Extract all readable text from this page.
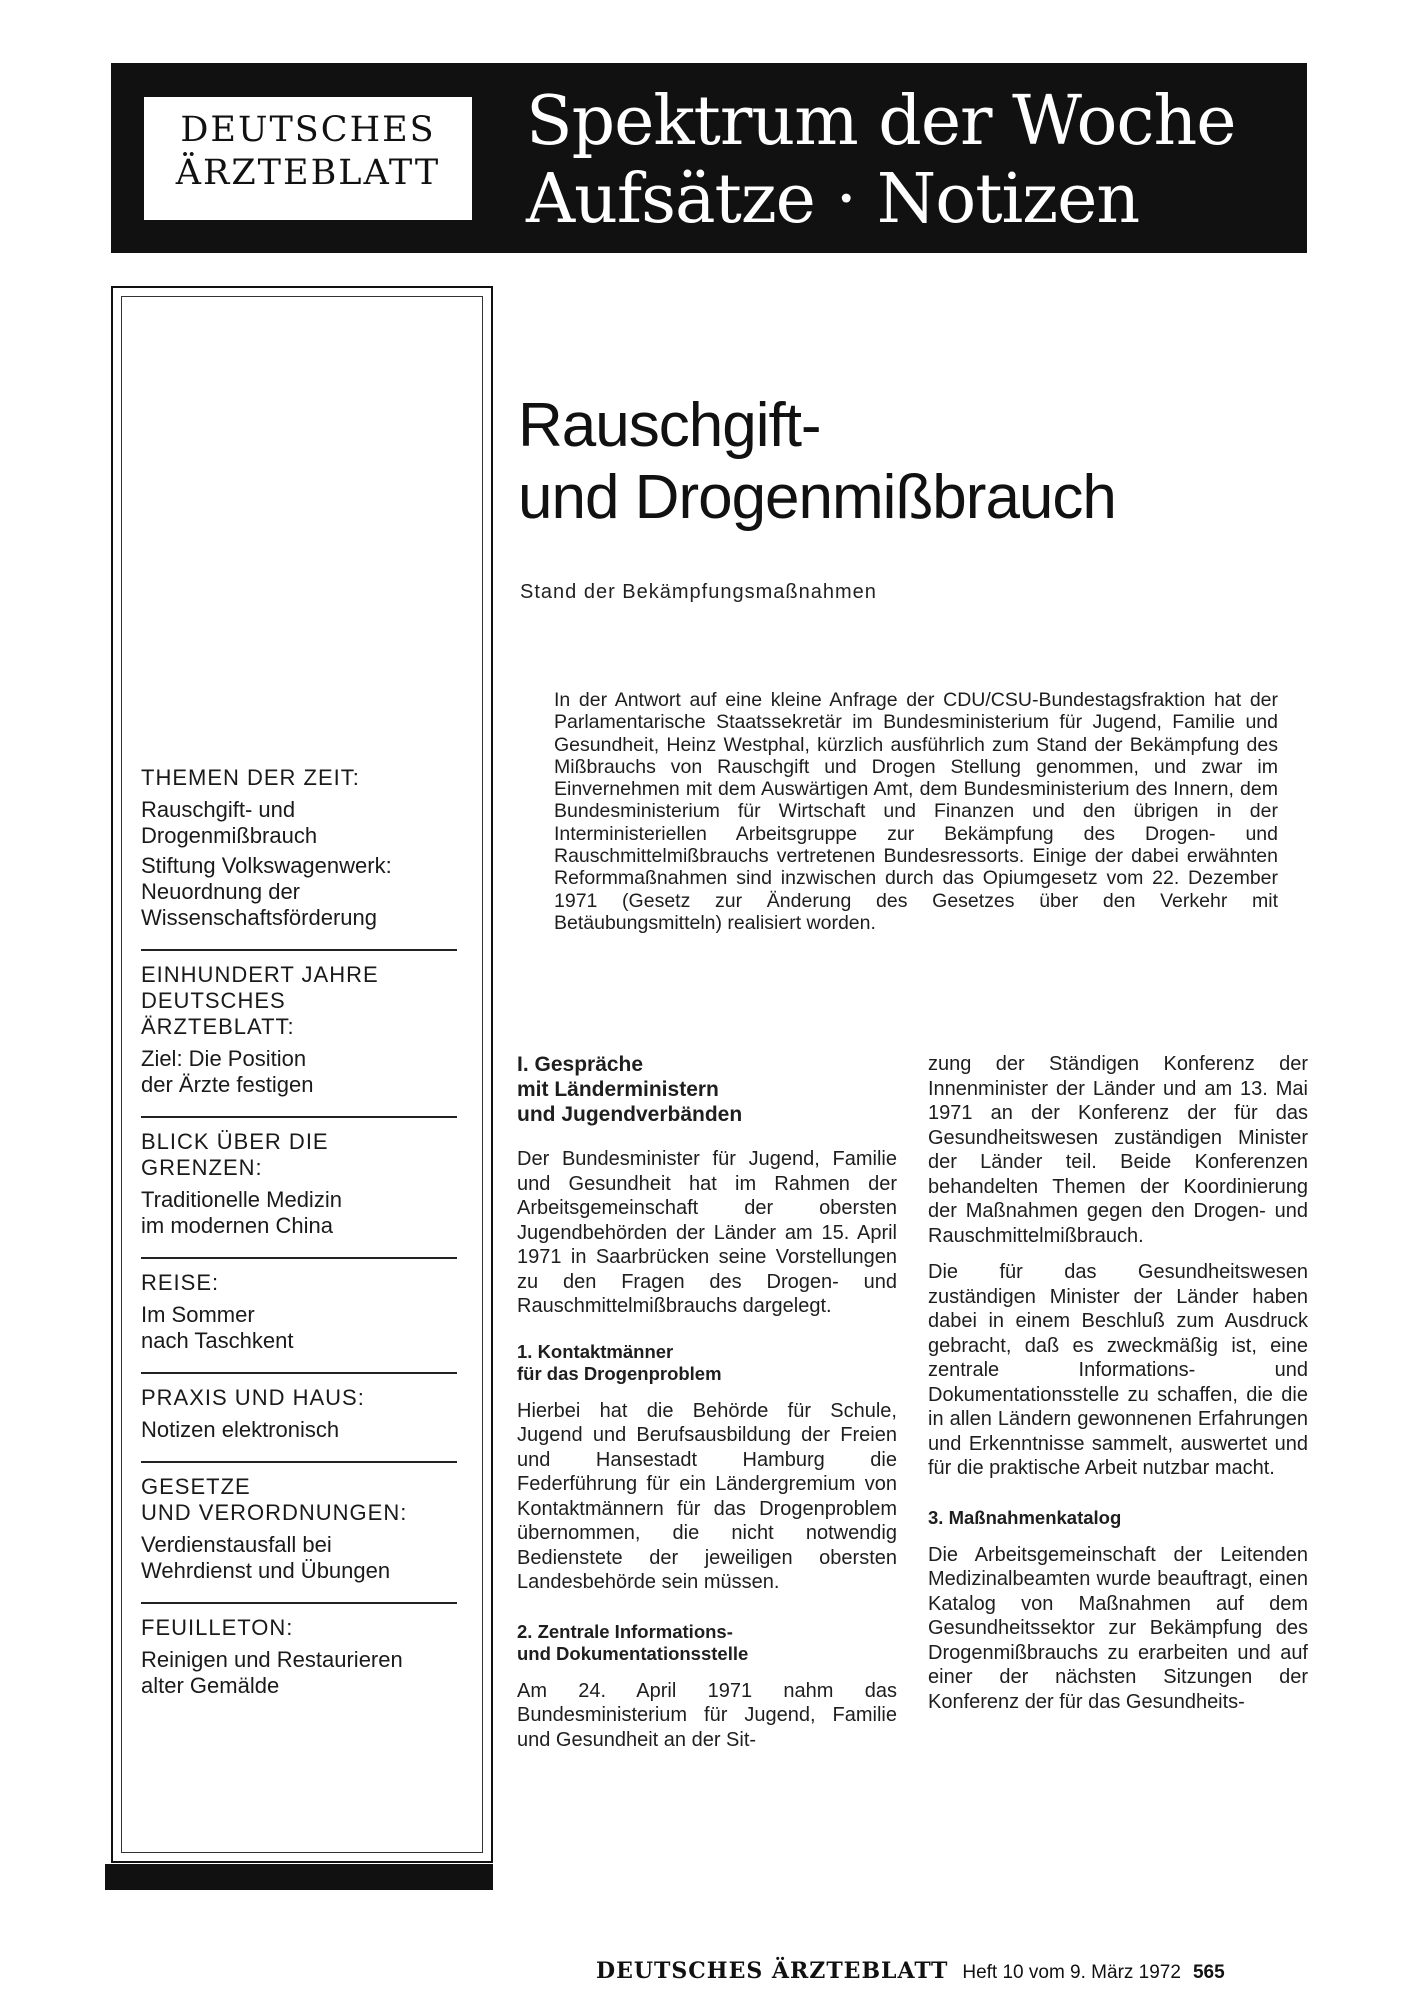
DEUTSCHES
ÄRZTEBLATT
Spektrum der Woche
Aufsätze · Notizen
THEMEN DER ZEIT:
Rauschgift- und
Drogenmißbrauch
Stiftung Volkswagenwerk:
Neuordnung der
Wissenschaftsförderung
EINHUNDERT JAHRE
DEUTSCHES
ÄRZTEBLATT:
Ziel: Die Position
der Ärzte festigen
BLICK ÜBER DIE
GRENZEN:
Traditionelle Medizin
im modernen China
REISE:
Im Sommer
nach Taschkent
PRAXIS UND HAUS:
Notizen elektronisch
GESETZE
UND VERORDNUNGEN:
Verdienstausfall bei
Wehrdienst und Übungen
FEUILLETON:
Reinigen und Restaurieren
alter Gemälde
Rauschgift-
und Drogenmißbrauch
Stand der Bekämpfungsmaßnahmen
In der Antwort auf eine kleine Anfrage der CDU/CSU-Bundestagsfraktion hat der Parlamentarische Staatssekretär im Bundesministerium für Jugend, Familie und Gesundheit, Heinz Westphal, kürzlich ausführlich zum Stand der Bekämpfung des Mißbrauchs von Rauschgift und Drogen Stellung genommen, und zwar im Einvernehmen mit dem Auswärtigen Amt, dem Bundesministerium des Innern, dem Bundesministerium für Wirtschaft und Finanzen und den übrigen in der Interministeriellen Arbeitsgruppe zur Bekämpfung des Drogen- und Rauschmittelmißbrauchs vertretenen Bundesressorts. Einige der dabei erwähnten Reformmaßnahmen sind inzwischen durch das Opiumgesetz vom 22. Dezember 1971 (Gesetz zur Änderung des Gesetzes über den Verkehr mit Betäubungsmitteln) realisiert worden.
I. Gespräche
mit Länderministern
und Jugendverbänden

Der Bundesminister für Jugend, Familie und Gesundheit hat im Rahmen der Arbeitsgemeinschaft der obersten Jugendbehörden der Länder am 15. April 1971 in Saarbrücken seine Vorstellungen zu den Fragen des Drogen- und Rauschmittelmißbrauchs dargelegt.

1. Kontaktmänner
für das Drogenproblem

Hierbei hat die Behörde für Schule, Jugend und Berufsausbildung der Freien und Hansestadt Hamburg die Federführung für ein Ländergremium von Kontaktmännern für das Drogenproblem übernommen, die nicht notwendig Bedienstete der jeweiligen obersten Landesbehörde sein müssen.

2. Zentrale Informations-
und Dokumentationsstelle

Am 24. April 1971 nahm das Bundesministerium für Jugend, Familie und Gesundheit an der Sit-

zung der Ständigen Konferenz der Innenminister der Länder und am 13. Mai 1971 an der Konferenz der für das Gesundheitswesen zuständigen Minister der Länder teil. Beide Konferenzen behandelten Themen der Koordinierung der Maßnahmen gegen den Drogen- und Rauschmittelmißbrauch.

Die für das Gesundheitswesen zuständigen Minister der Länder haben dabei in einem Beschluß zum Ausdruck gebracht, daß es zweckmäßig ist, eine zentrale Informations- und Dokumentationsstelle zu schaffen, die die in allen Ländern gewonnenen Erfahrungen und Erkenntnisse sammelt, auswertet und für die praktische Arbeit nutzbar macht.

3. Maßnahmenkatalog

Die Arbeitsgemeinschaft der Leitenden Medizinalbeamten wurde beauftragt, einen Katalog von Maßnahmen auf dem Gesundheitssektor zur Bekämpfung des Drogenmißbrauchs zu erarbeiten und auf einer der nächsten Sitzungen der Konferenz der für das Gesundheits-

DEUTSCHES ÄRZTEBLATT Heft 10 vom 9. März 1972 565
